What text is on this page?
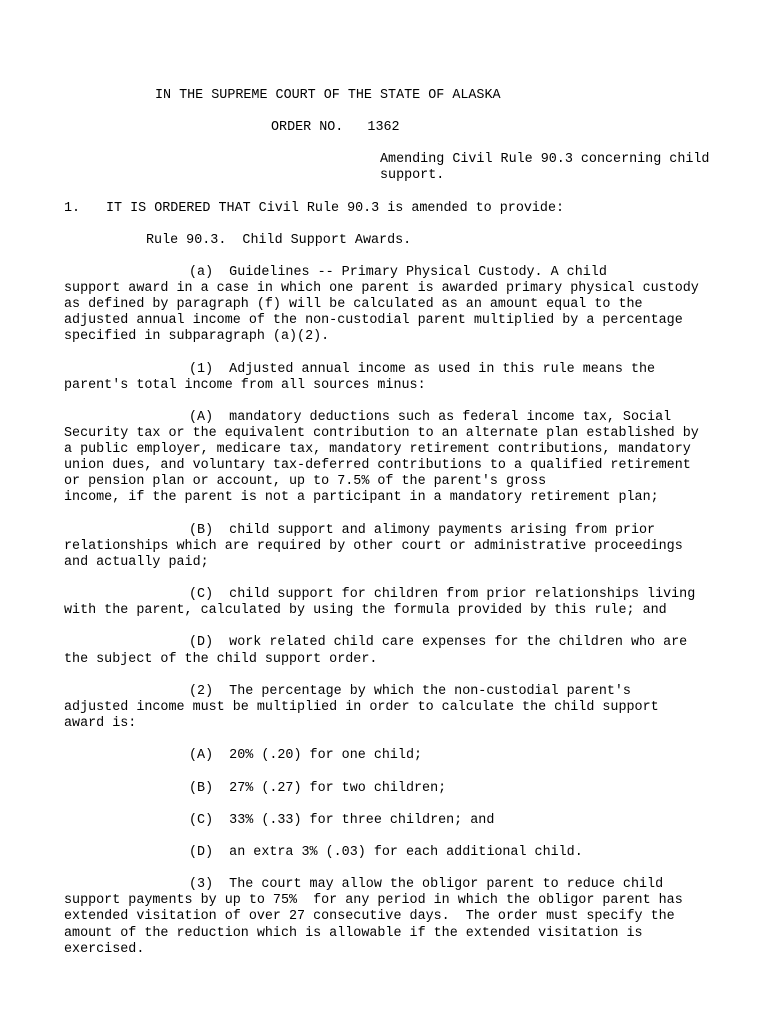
IN THE SUPREME COURT OF THE STATE OF ALASKA

ORDER NO.   1362

Amending Civil Rule 90.3 concerning child

support.

1. IT IS ORDERED THAT Civil Rule 90.3 is amended to provide:

Rule 90.3.  Child Support Awards.

(a)  Guidelines -- Primary Physical Custody. A child

support award in a case in which one parent is awarded primary physical custody

as defined by paragraph (f) will be calculated as an amount equal to the

adjusted annual income of the non-custodial parent multiplied by a percentage

specified in subparagraph (a)(2).

(1)  Adjusted annual income as used in this rule means the

parent's total income from all sources minus:

(A)  mandatory deductions such as federal income tax, Social

Security tax or the equivalent contribution to an alternate plan established by

a public employer, medicare tax, mandatory retirement contributions, mandatory

union dues, and voluntary tax-deferred contributions to a qualified retirement

or pension plan or account, up to 7.5% of the parent's gross

income, if the parent is not a participant in a mandatory retirement plan;

(B)  child support and alimony payments arising from prior

relationships which are required by other court or administrative proceedings

and actually paid;

(C)  child support for children from prior relationships living

with the parent, calculated by using the formula provided by this rule; and

(D)  work related child care expenses for the children who are

the subject of the child support order.

(2)  The percentage by which the non-custodial parent's

adjusted income must be multiplied in order to calculate the child support

award is:

(A)  20% (.20) for one child;

(B)  27% (.27) for two children;

(C)  33% (.33) for three children; and

(D)  an extra 3% (.03) for each additional child.

(3)  The court may allow the obligor parent to reduce child

support payments by up to 75%  for any period in which the obligor parent has

extended visitation of over 27 consecutive days.  The order must specify the

amount of the reduction which is allowable if the extended visitation is

exercised.
